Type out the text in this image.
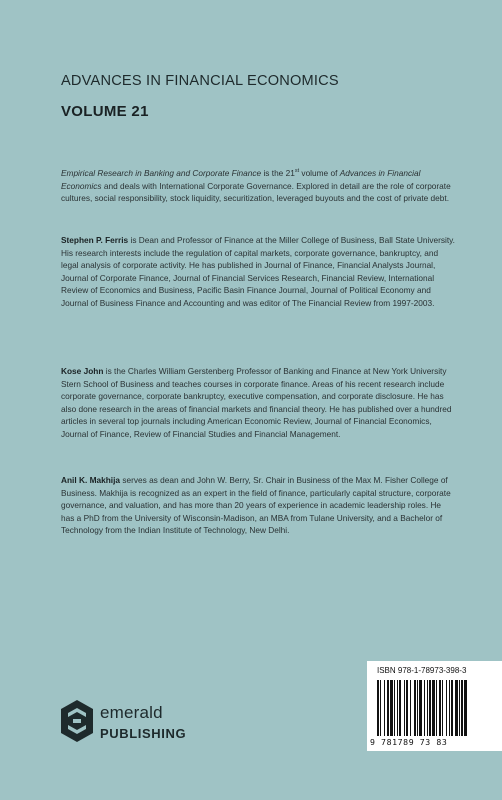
ADVANCES IN FINANCIAL ECONOMICS
VOLUME 21

Empirical Research in Banking and Corporate Finance is the 21st volume of Advances in Financial Economics and deals with International Corporate Governance. Explored in detail are the role of corporate cultures, social responsibility, stock liquidity, securitization, leveraged buyouts and the cost of private debt.

Stephen P. Ferris is Dean and Professor of Finance at the Miller College of Business, Ball State University. His research interests include the regulation of capital markets, corporate governance, bankruptcy, and legal analysis of corporate activity. He has published in Journal of Finance, Financial Analysts Journal, Journal of Corporate Finance, Journal of Financial Services Research, Financial Review, International Review of Economics and Business, Pacific Basin Finance Journal, Journal of Political Economy and Journal of Business Finance and Accounting and was editor of The Financial Review from 1997-2003.

Kose John is the Charles William Gerstenberg Professor of Banking and Finance at New York University Stern School of Business and teaches courses in corporate finance. Areas of his recent research include corporate governance, corporate bankruptcy, executive compensation, and corporate disclosure. He has also done research in the areas of financial markets and financial theory. He has published over a hundred articles in several top journals including American Economic Review, Journal of Financial Economics, Journal of Finance, Review of Financial Studies and Financial Management.

Anil K. Makhija serves as dean and John W. Berry, Sr. Chair in Business of the Max M. Fisher College of Business. Makhija is recognized as an expert in the field of finance, particularly capital structure, corporate governance, and valuation, and has more than 20 years of experience in academic leadership roles. He has a PhD from the University of Wisconsin-Madison, an MBA from Tulane University, and a Bachelor of Technology from the Indian Institute of Technology, New Delhi.

emerald
PUBLISHING
ISBN 978-1-78973-398-3
9 781789 73 83
